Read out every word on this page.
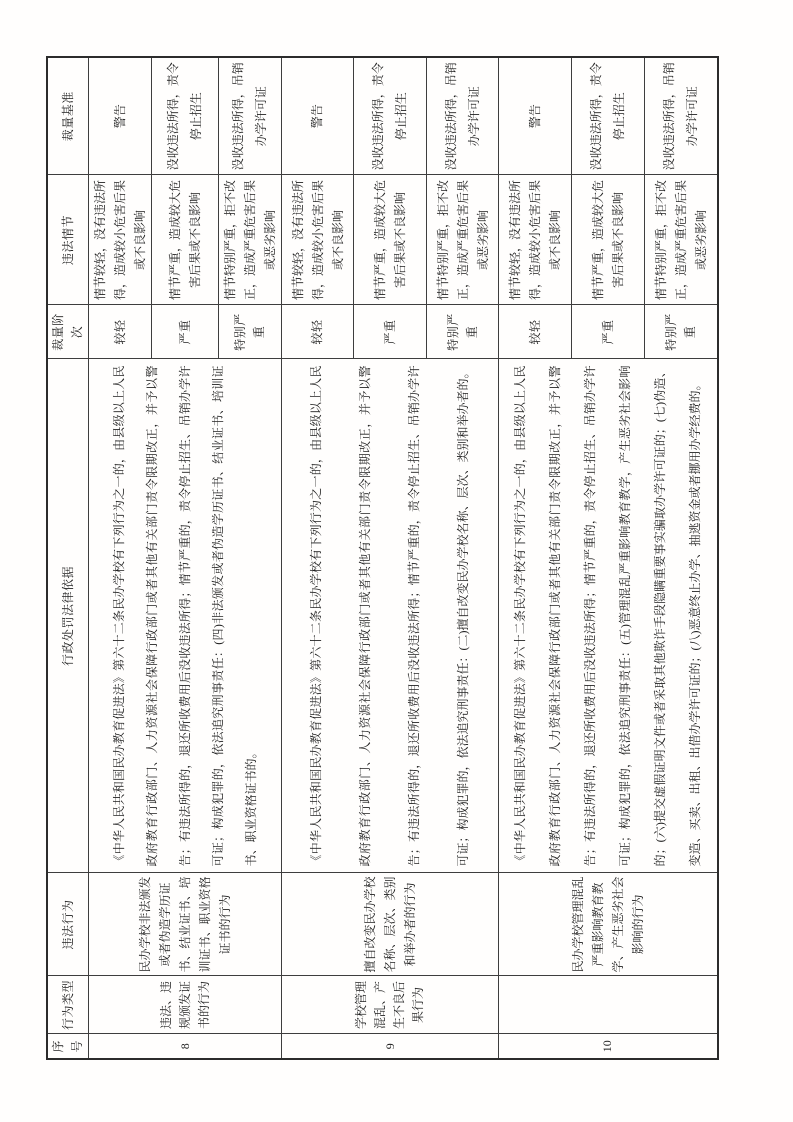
序号	行为类型	违法行为	行政处罚法律依据	裁量阶次	违法情节	裁量基准
8	违法、违规颁发证书的行为	民办学校非法颁发或者伪造学历证书、结业证书、培训证书、职业资格证书的行为	《中华人民共和国民办教育促进法》第六十二条民办学校有下列行为之一的，由县级以上人民政府教育行政部门、人力资源社会保障行政部门或者其他有关部门责令限期改正，并予以警告；有违法所得的，退还所收费用后没收违法所得；情节严重的，责令停止招生、吊销办学许可证；构成犯罪的，依法追究刑事责任：(四)非法颁发或者伪造学历证书、结业证书、培训证书、职业资格证书的。	较轻	情节较轻，没有违法所得，造成较小危害后果或不良影响	警告
				严重	情节严重，造成较大危害后果或不良影响	没收违法所得，责令停止招生
				特别严重	情节特别严重，拒不改正，造成严重危害后果或恶劣影响	没收违法所得，吊销办学许可证
9	学校管理混乱、产生不良后果行为	擅自改变民办学校名称、层次、类别和举办者的行为	《中华人民共和国民办教育促进法》第六十二条民办学校有下列行为之一的，由县级以上人民政府教育行政部门、人力资源社会保障行政部门或者其他有关部门责令限期改正，并予以警告；有违法所得的，退还所收费用后没收违法所得；情节严重的，责令停止招生、吊销办学许可证；构成犯罪的，依法追究刑事责任：(二)擅自改变民办学校名称、层次、类别和举办者的。	较轻	情节较轻，没有违法所得，造成较小危害后果或不良影响	警告
				严重	情节严重，造成较大危害后果或不良影响	没收违法所得，责令停止招生
				特别严重	情节特别严重，拒不改正，造成严重危害后果或恶劣影响	没收违法所得，吊销办学许可证
10		民办学校管理混乱严重影响教育教学、产生恶劣社会影响的行为	《中华人民共和国民办教育促进法》第六十二条民办学校有下列行为之一的，由县级以上人民政府教育行政部门、人力资源社会保障行政部门或者其他有关部门责令限期改正，并予以警告；有违法所得的，退还所收费用后没收违法所得；情节严重的，责令停止招生、吊销办学许可证；构成犯罪的，依法追究刑事责任：(五)管理混乱严重影响教育教学，产生恶劣社会影响的；(六)提交虚假证明文件或者采取其他欺诈手段隐瞒重要事实骗取办学许可证的；(七)伪造、变造、买卖、出租、出借办学许可证的；(八)恶意终止办学、抽逃资金或者挪用办学经费的。	较轻	情节较轻，没有违法所得，造成较小危害后果或不良影响	警告
				严重	情节严重，造成较大危害后果或不良影响	没收违法所得，责令停止招生
				特别严重	情节特别严重，拒不改正，造成严重危害后果或恶劣影响	没收违法所得，吊销办学许可证
